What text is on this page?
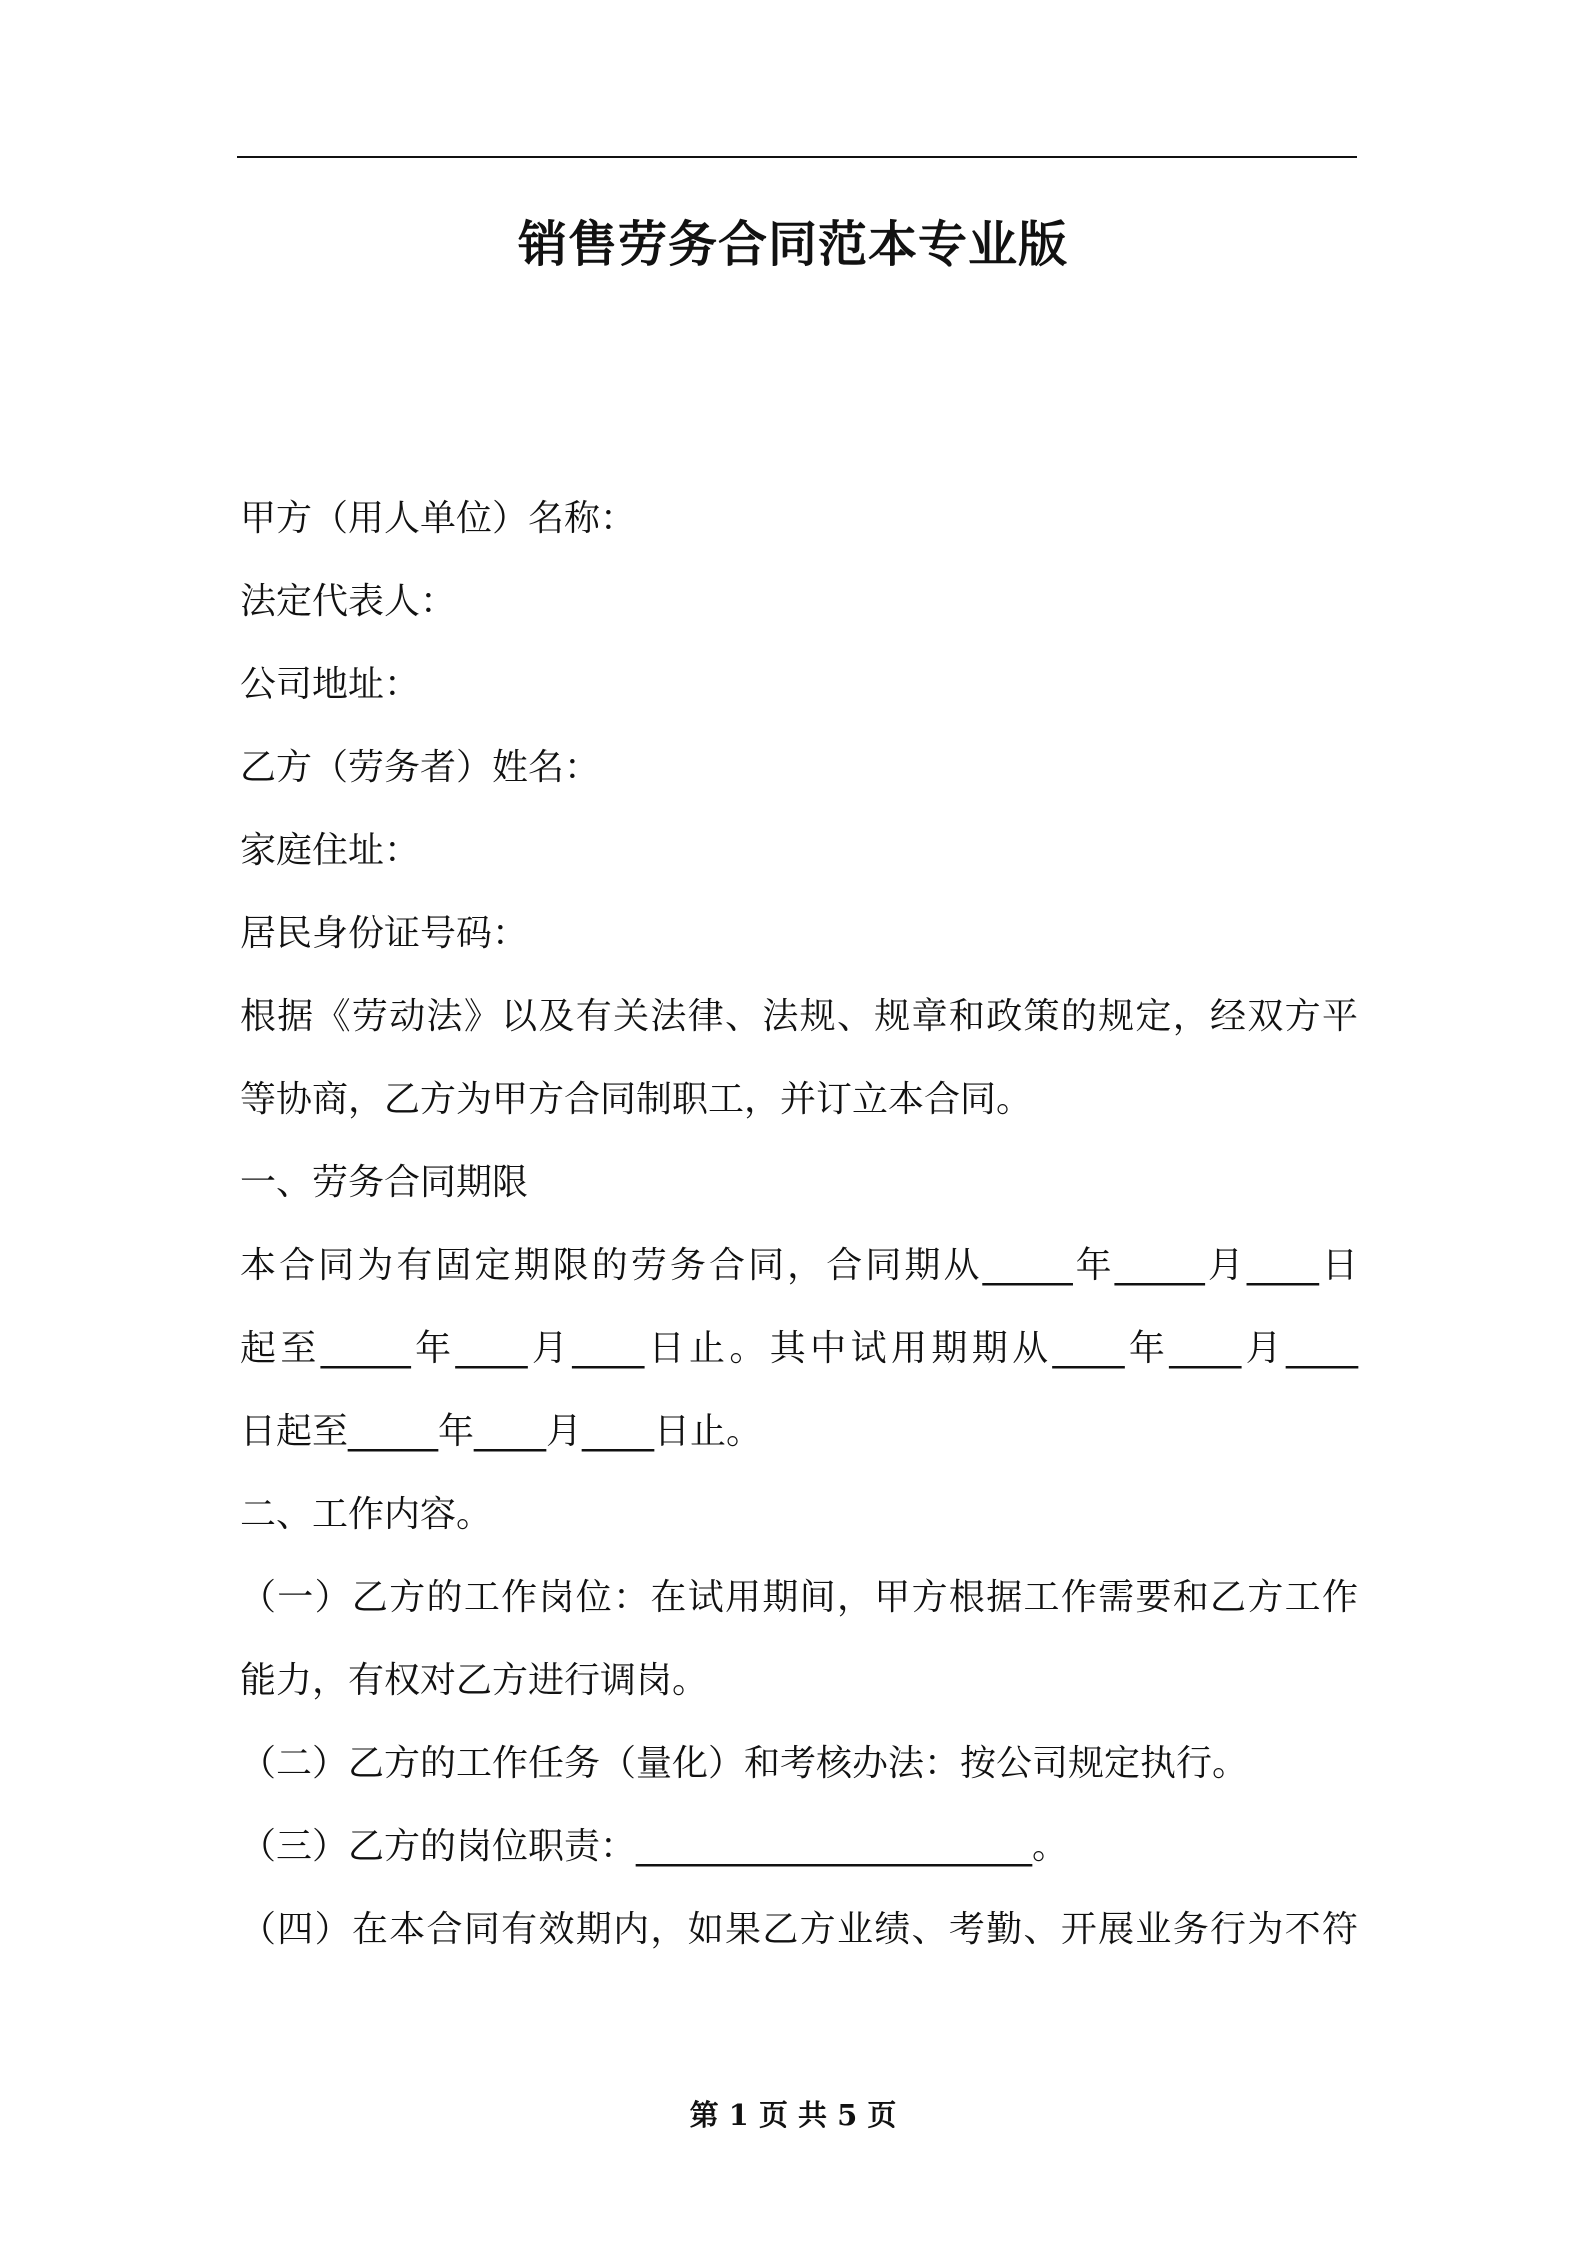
销售劳务合同范本专业版

甲方（用人单位）名称：

法定代表人：

公司地址：

乙方（劳务者）姓名：

家庭住址：

居民身份证号码：

根据《劳动法》以及有关法律、法规、规章和政策的规定，经双方平

等协商，乙方为甲方合同制职工，并订立本合同。

一、劳务合同期限

本合同为有固定期限的劳务合同，合同期从_____年_____月____日

起至_____年____月____日止。其中试用期期从____年____月____

日起至_____年____月____日止。

二、工作内容。

（一）乙方的工作岗位：在试用期间，甲方根据工作需要和乙方工作

能力，有权对乙方进行调岗。

（二）乙方的工作任务（量化）和考核办法：按公司规定执行。

（三）乙方的岗位职责：______________________。

（四）在本合同有效期内，如果乙方业绩、考勤、开展业务行为不符

第 1 页 共 5 页
